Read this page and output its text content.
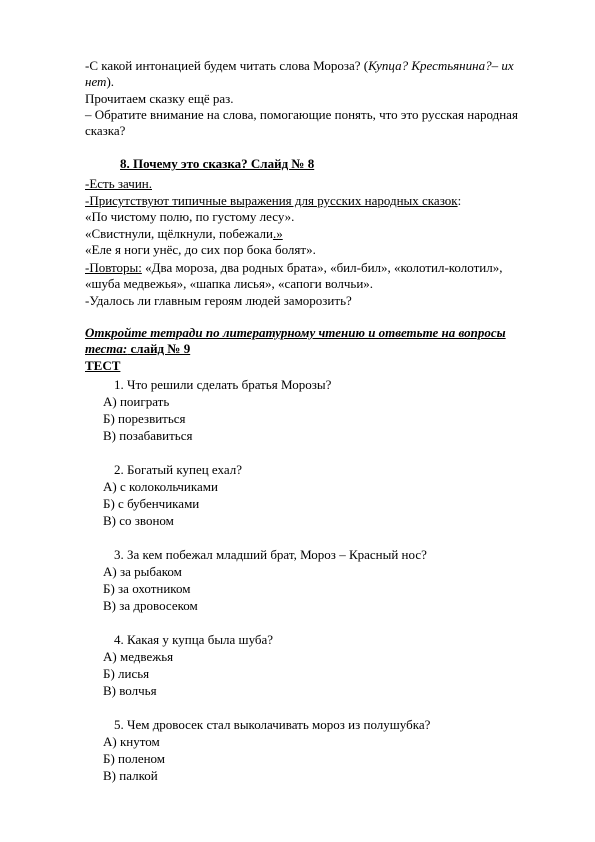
-С какой интонацией будем читать слова Мороза? (Купца? Крестьянина?– их
нет).
Прочитаем сказку ещё раз.
– Обратите внимание на слова, помогающие понять, что это русская народная
сказка?
8. Почему это сказка? Слайд № 8
-Есть зачин.
-Присутствуют типичные выражения для русских народных сказок:
«По чистому полю, по густому лесу».
«Свистнули, щёлкнули, побежали.»
«Еле я ноги унёс, до сих пор бока болят».
-Повторы: «Два мороза, два родных брата», «бил-бил», «колотил-колотил»,
«шуба медвежья», «шапка лисья», «сапоги волчьи».
-Удалось ли главным героям людей заморозить?
Откройте тетради по литературному чтению и ответьте на вопросы
теста: слайд № 9
ТЕСТ
1. Что решили сделать братья Морозы?
А) поиграть
Б) порезвиться
В) позабавиться
2. Богатый купец ехал?
А) с колокольчиками
Б) с бубенчиками
В) со звоном
3. За кем побежал младший брат, Мороз – Красный нос?
А) за рыбаком
Б) за охотником
В) за дровосеком
4. Какая у купца была шуба?
А) медвежья
Б) лисья
В) волчья
5. Чем дровосек стал выколачивать мороз из полушубка?
А) кнутом
Б) поленом
В) палкой
